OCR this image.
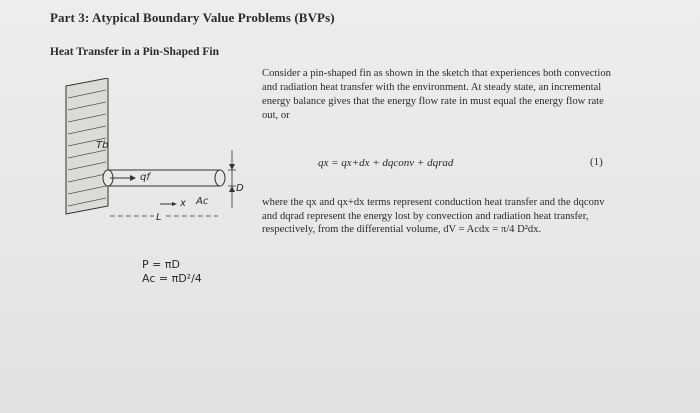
Part 3: Atypical Boundary Value Problems (BVPs)
Heat Transfer in a Pin-Shaped Fin
Tb
qf
x Ac
D
L
P = πD
Ac = πD²/4
Consider a pin-shaped fin as shown in the sketch that experiences both convection and radiation heat transfer with the environment. At steady state, an incremental energy balance gives that the energy flow rate in must equal the energy flow rate out, or
qx = qx+dx + dqconv + dqrad	(1)
where the qx and qx+dx terms represent conduction heat transfer and the dqconv and dqrad represent the energy lost by convection and radiation heat transfer, respectively, from the differential volume, dV = Acdx = π/4 D²dx.
